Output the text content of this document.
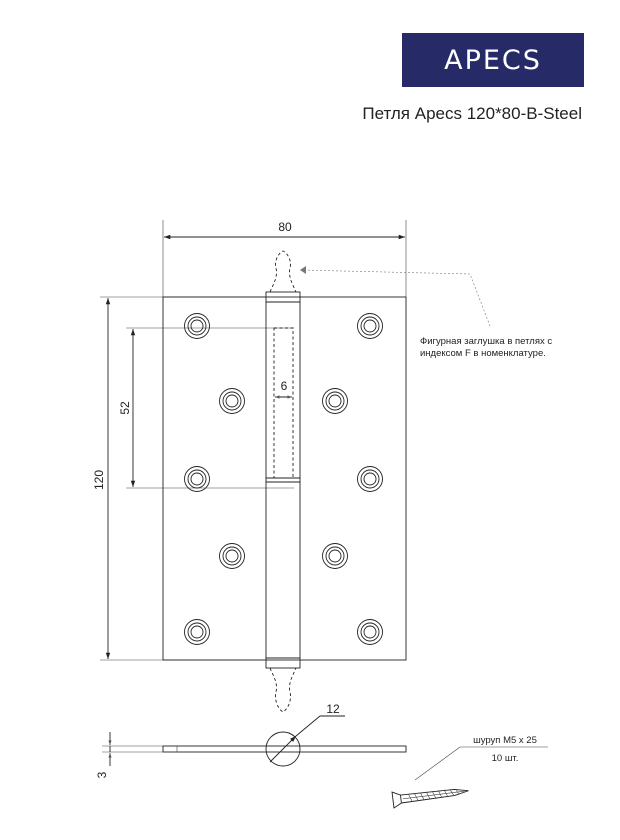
APECS
Петля Apecs 120*80-B-Steel
80
120
52
6
Фигурная заглушка в петлях с
индексом F в номенклатуре.
12
3
шуруп М5 х 25
10 шт.
